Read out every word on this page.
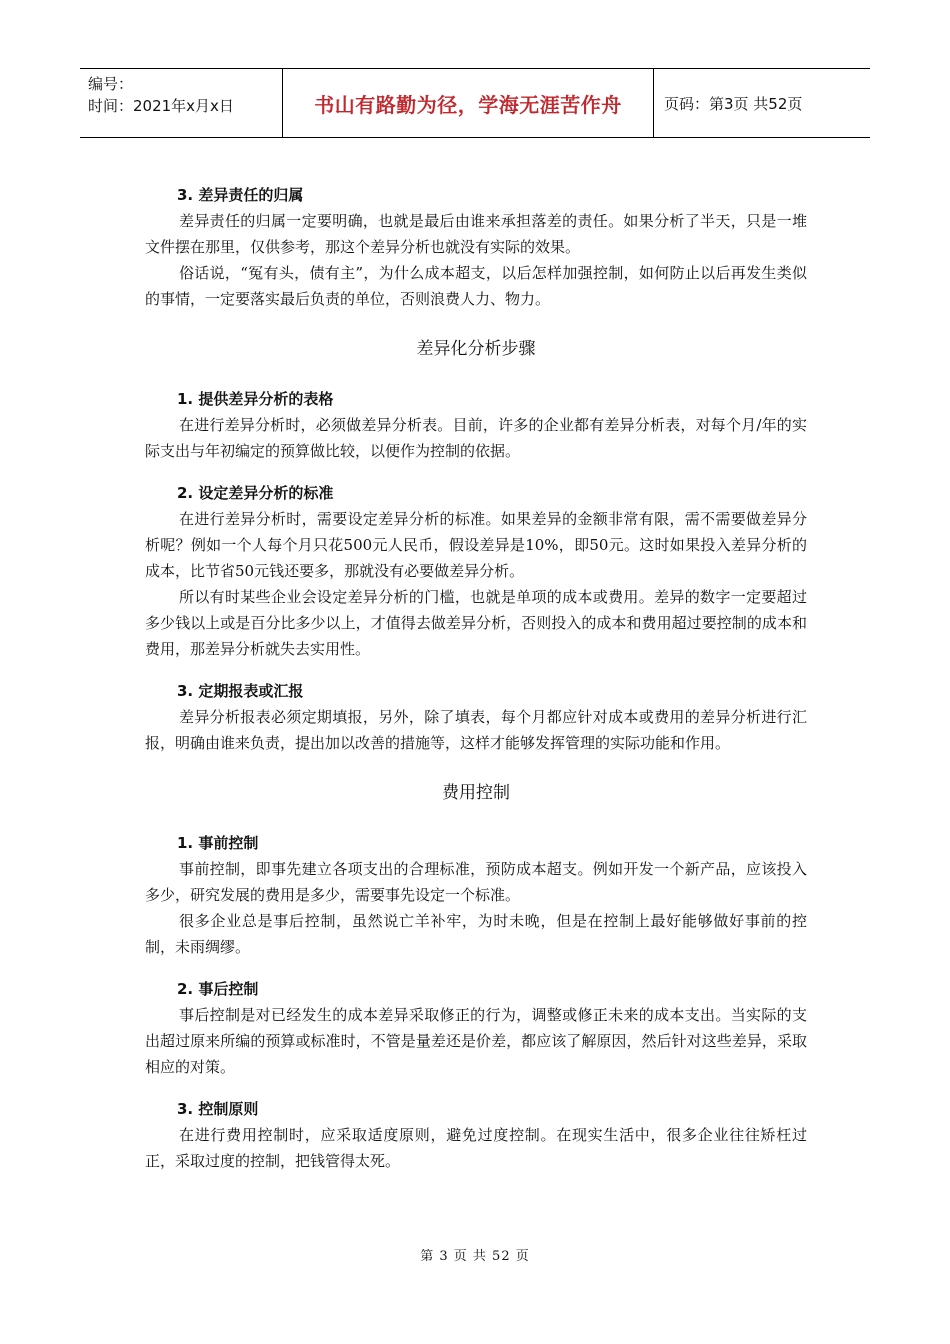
编号：
时间：2021年x月x日	书山有路勤为径，学海无涯苦作舟	页码：第3页 共52页
3. 差异责任的归属

差异责任的归属一定要明确，也就是最后由谁来承担落差的责任。如果分析了半天，只是一堆文件摆在那里，仅供参考，那这个差异分析也就没有实际的效果。

俗话说，“冤有头，债有主”，为什么成本超支，以后怎样加强控制，如何防止以后再发生类似的事情，一定要落实最后负责的单位，否则浪费人力、物力。

差异化分析步骤
1. 提供差异分析的表格

在进行差异分析时，必须做差异分析表。目前，许多的企业都有差异分析表，对每个月/年的实际支出与年初编定的预算做比较，以便作为控制的依据。

2. 设定差异分析的标准

在进行差异分析时，需要设定差异分析的标准。如果差异的金额非常有限，需不需要做差异分析呢？例如一个人每个月只花500元人民币，假设差异是10%，即50元。这时如果投入差异分析的成本，比节省50元钱还要多，那就没有必要做差异分析。

所以有时某些企业会设定差异分析的门槛，也就是单项的成本或费用。差异的数字一定要超过多少钱以上或是百分比多少以上，才值得去做差异分析，否则投入的成本和费用超过要控制的成本和费用，那差异分析就失去实用性。

3. 定期报表或汇报

差异分析报表必须定期填报，另外，除了填表，每个月都应针对成本或费用的差异分析进行汇报，明确由谁来负责，提出加以改善的措施等，这样才能够发挥管理的实际功能和作用。

费用控制
1. 事前控制

事前控制，即事先建立各项支出的合理标准，预防成本超支。例如开发一个新产品，应该投入多少，研究发展的费用是多少，需要事先设定一个标准。

很多企业总是事后控制，虽然说亡羊补牢，为时未晚，但是在控制上最好能够做好事前的控制，未雨绸缪。

2. 事后控制

事后控制是对已经发生的成本差异采取修正的行为，调整或修正未来的成本支出。当实际的支出超过原来所编的预算或标准时，不管是量差还是价差，都应该了解原因，然后针对这些差异，采取相应的对策。

3. 控制原则

在进行费用控制时，应采取适度原则，避免过度控制。在现实生活中，很多企业往往矫枉过正，采取过度的控制，把钱管得太死。

第 3 页 共 52 页
